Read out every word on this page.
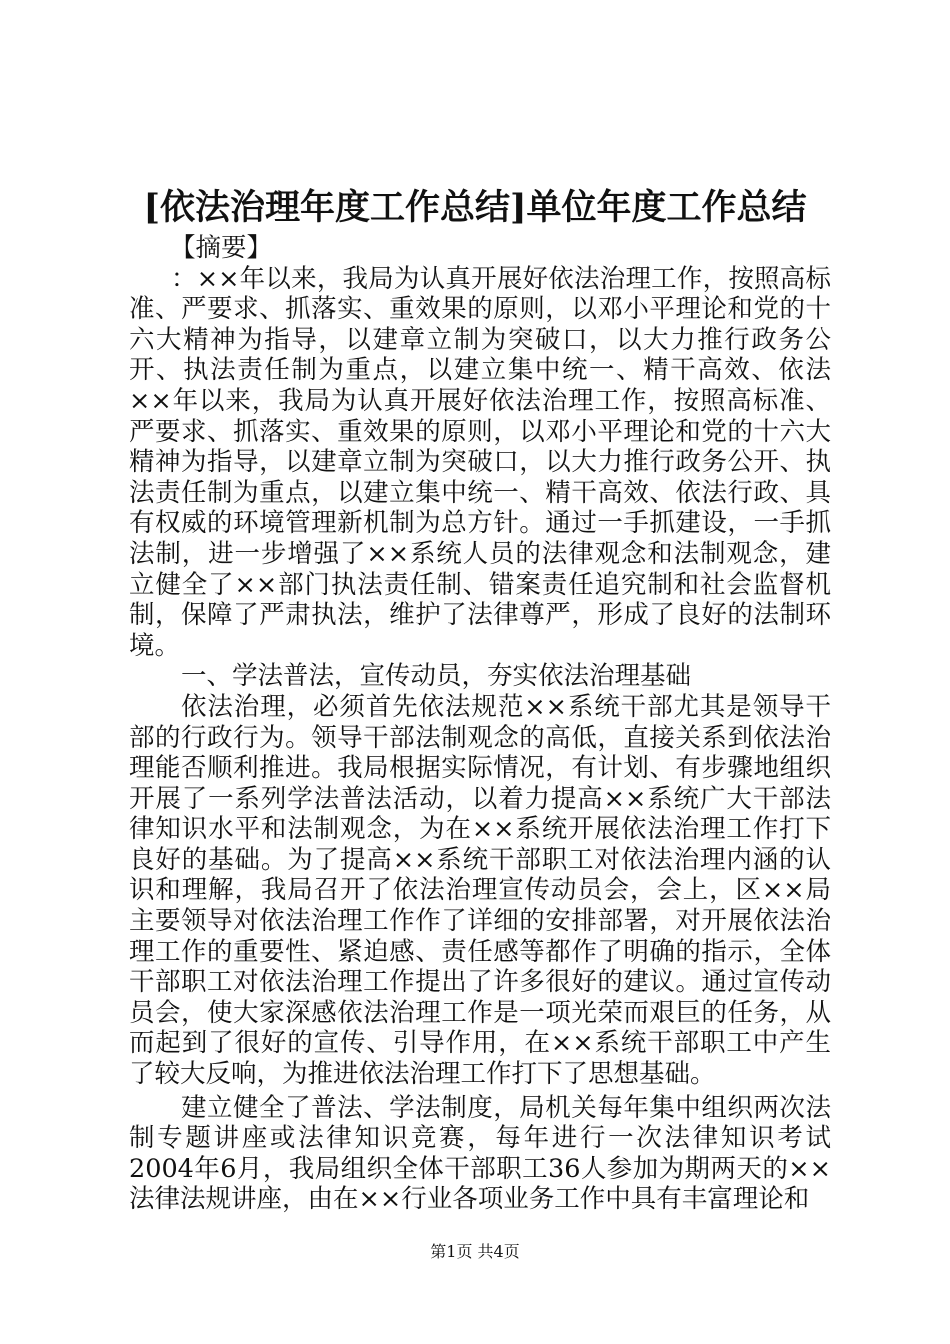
[依法治理年度工作总结]单位年度工作总结

【摘要】

：××年以来，我局为认真开展好依法治理工作，按照高标准、严要求、抓落实、重效果的原则，以邓小平理论和党的十六大精神为指导，以建章立制为突破口，以大力推行政务公开、执法责任制为重点，以建立集中统一、精干高效、依法××年以来，我局为认真开展好依法治理工作，按照高标准、严要求、抓落实、重效果的原则，以邓小平理论和党的十六大精神为指导，以建章立制为突破口，以大力推行政务公开、执法责任制为重点，以建立集中统一、精干高效、依法行政、具有权威的环境管理新机制为总方针。通过一手抓建设，一手抓法制，进一步增强了××系统人员的法律观念和法制观念，建立健全了××部门执法责任制、错案责任追究制和社会监督机制，保障了严肃执法，维护了法律尊严，形成了良好的法制环境。

一、学法普法，宣传动员，夯实依法治理基础

依法治理，必须首先依法规范××系统干部尤其是领导干部的行政行为。领导干部法制观念的高低，直接关系到依法治理能否顺利推进。我局根据实际情况，有计划、有步骤地组织开展了一系列学法普法活动，以着力提高××系统广大干部法律知识水平和法制观念，为在××系统开展依法治理工作打下良好的基础。为了提高××系统干部职工对依法治理内涵的认识和理解，我局召开了依法治理宣传动员会，会上，区××局主要领导对依法治理工作作了详细的安排部署，对开展依法治理工作的重要性、紧迫感、责任感等都作了明确的指示，全体干部职工对依法治理工作提出了许多很好的建议。通过宣传动员会，使大家深感依法治理工作是一项光荣而艰巨的任务，从而起到了很好的宣传、引导作用，在××系统干部职工中产生了较大反响，为推进依法治理工作打下了思想基础。

建立健全了普法、学法制度，局机关每年集中组织两次法制专题讲座或法律知识竞赛，每年进行一次法律知识考试2004年6月，我局组织全体干部职工36人参加为期两天的××法律法规讲座，由在××行业各项业务工作中具有丰富理论和

第1页 共4页
